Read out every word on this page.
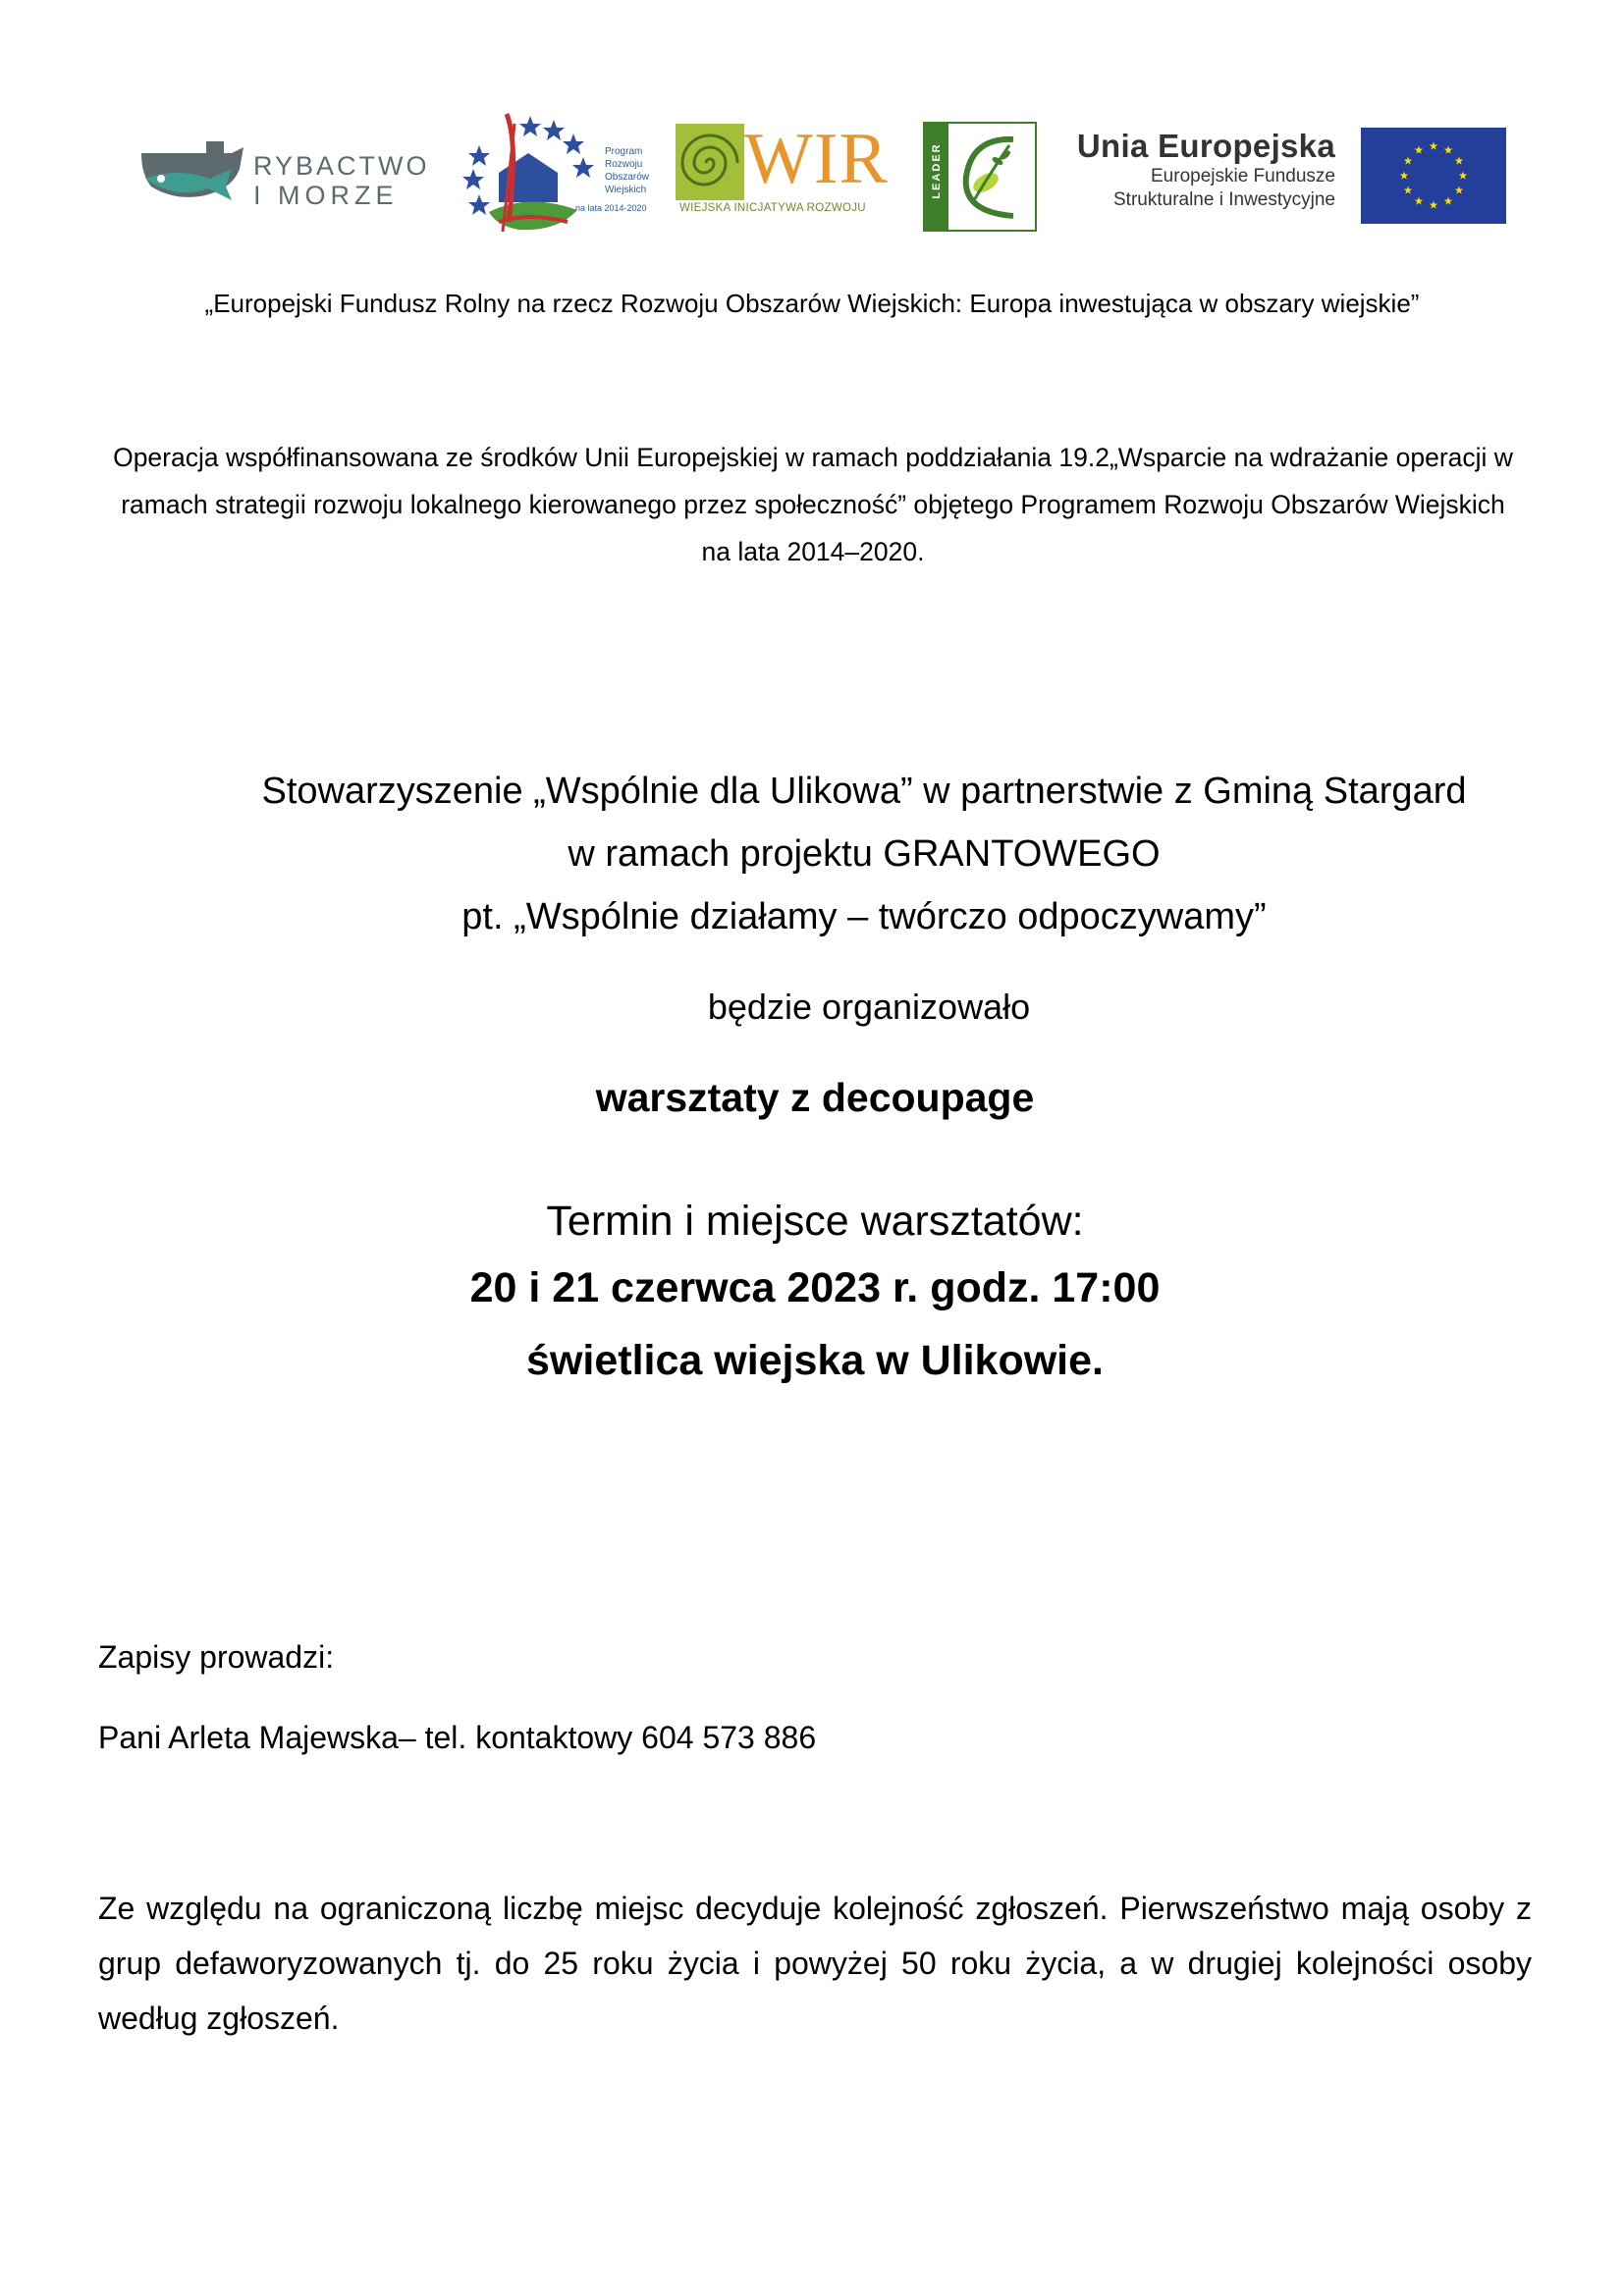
RYBACTWO
I MORZE
Program
Rozwoju
Obszarów
Wiejskich
na lata 2014-2020
WIR
WIEJSKA INICJATYWA ROZWOJU
LEADER	Unia Europejska
Europejskie Fundusze
Strukturalne i Inwestycyjne
„Europejski Fundusz Rolny na rzecz Rozwoju Obszarów Wiejskich: Europa inwestująca w obszary wiejskie”
Operacja współfinansowana ze środków Unii Europejskiej w ramach poddziałania 19.2„Wsparcie na wdrażanie operacji w ramach strategii rozwoju lokalnego kierowanego przez społeczność” objętego Programem Rozwoju Obszarów Wiejskich na lata 2014–2020.
Stowarzyszenie „Wspólnie dla Ulikowa” w partnerstwie z Gminą Stargard
w ramach projektu GRANTOWEGO
pt. „Wspólnie działamy – twórczo odpoczywamy”
będzie organizowało
warsztaty z decoupage
Termin i miejsce warsztatów:
20 i 21 czerwca 2023 r. godz. 17:00
świetlica wiejska w Ulikowie.
Zapisy prowadzi:
Pani Arleta Majewska– tel. kontaktowy 604 573 886
Ze względu na ograniczoną liczbę miejsc decyduje kolejność zgłoszeń. Pierwszeństwo mają osoby z grup defaworyzowanych tj. do 25 roku życia i powyżej 50 roku życia, a w drugiej kolejności osoby według zgłoszeń.
